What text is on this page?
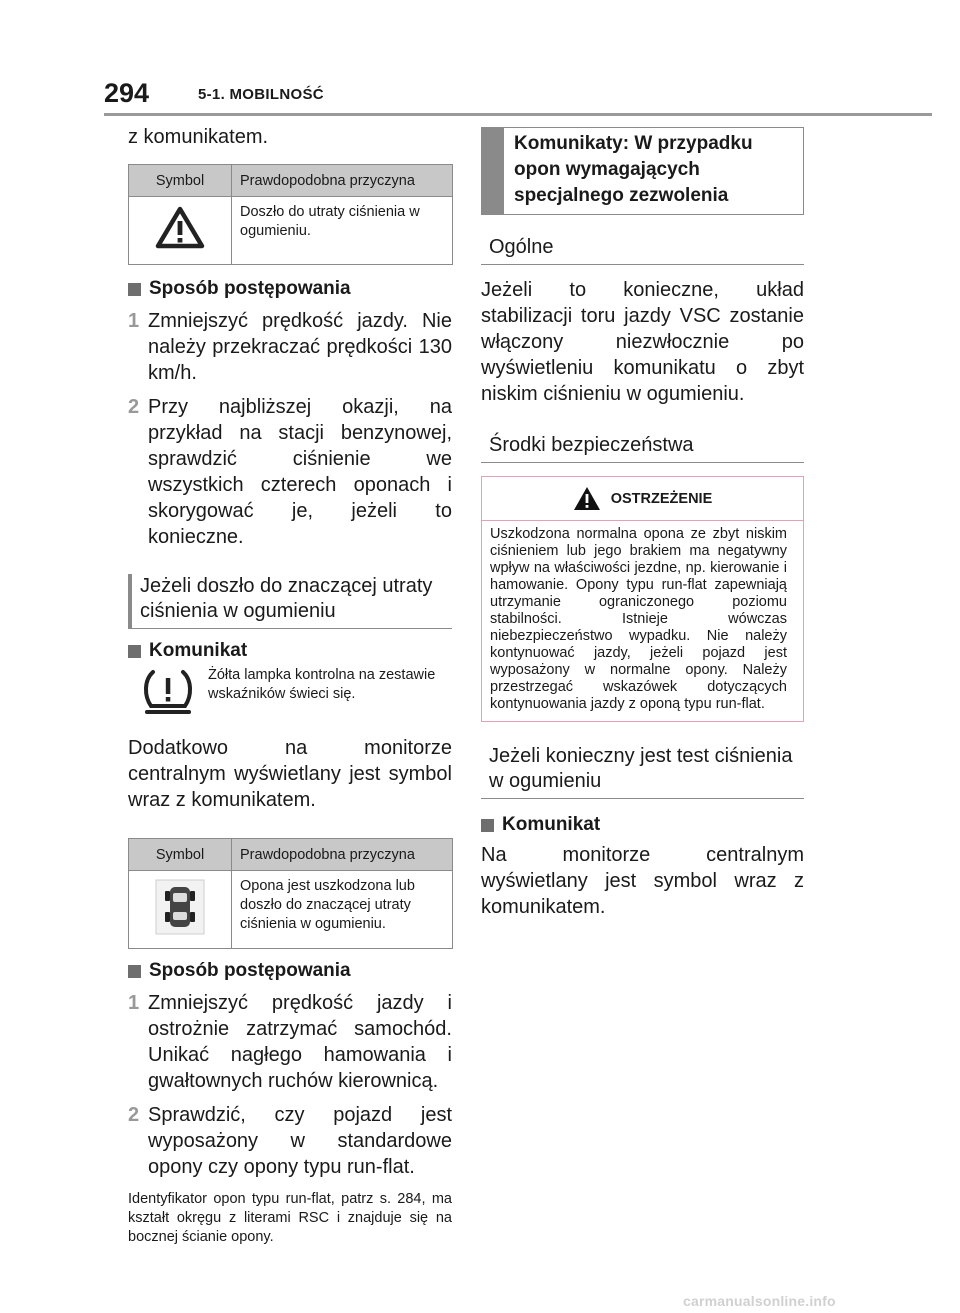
294	5-1. MOBILNOŚĆ
z komunikatem.
Symbol	Prawdopodobna przyczyna
	Doszło do utraty ciśnienia w ogumieniu.
Sposób postępowania
1 Zmniejszyć prędkość jazdy. Nie należy przekraczać prędkości 130 km/h.
2 Przy najbliższej okazji, na przykład na stacji benzynowej, sprawdzić ciśnienie we wszystkich czterech oponach i skorygować je, jeżeli to konieczne.
Jeżeli doszło do znaczącej utraty ciśnienia w ogumieniu
Komunikat
Żółta lampka kontrolna na zestawie wskaźników świeci się.
Dodatkowo na monitorze centralnym wyświetlany jest symbol wraz z komunikatem.
Symbol	Prawdopodobna przyczyna
	Opona jest uszkodzona lub doszło do znaczącej utraty ciśnienia w ogumieniu.
Sposób postępowania
1 Zmniejszyć prędkość jazdy i ostrożnie zatrzymać samochód. Unikać nagłego hamowania i gwałtownych ruchów kierownicą.
2 Sprawdzić, czy pojazd jest wyposażony w standardowe opony czy opony typu run-flat.
Identyfikator opon typu run-flat, patrz s. 284, ma kształt okręgu z literami RSC i znajduje się na bocznej ścianie opony.
Komunikaty: W przypadku opon wymagających specjalnego zezwolenia
Ogólne
Jeżeli to konieczne, układ stabilizacji toru jazdy VSC zostanie włączony niezwłocznie po wyświetleniu komunikatu o zbyt niskim ciśnieniu w ogumieniu.
Środki bezpieczeństwa
OSTRZEŻENIE
Uszkodzona normalna opona ze zbyt niskim ciśnieniem lub jego brakiem ma negatywny wpływ na właściwości jezdne, np. kierowanie i hamowanie. Opony typu run-flat zapewniają utrzymanie ograniczonego poziomu stabilności. Istnieje wówczas niebezpieczeństwo wypadku. Nie należy kontynuować jazdy, jeżeli pojazd jest wyposażony w normalne opony. Należy przestrzegać wskazówek dotyczących kontynuowania jazdy z oponą typu run-flat.
Jeżeli konieczny jest test ciśnienia w ogumieniu
Komunikat
Na monitorze centralnym wyświetlany jest symbol wraz z komunikatem.
carmanualsonline.info
